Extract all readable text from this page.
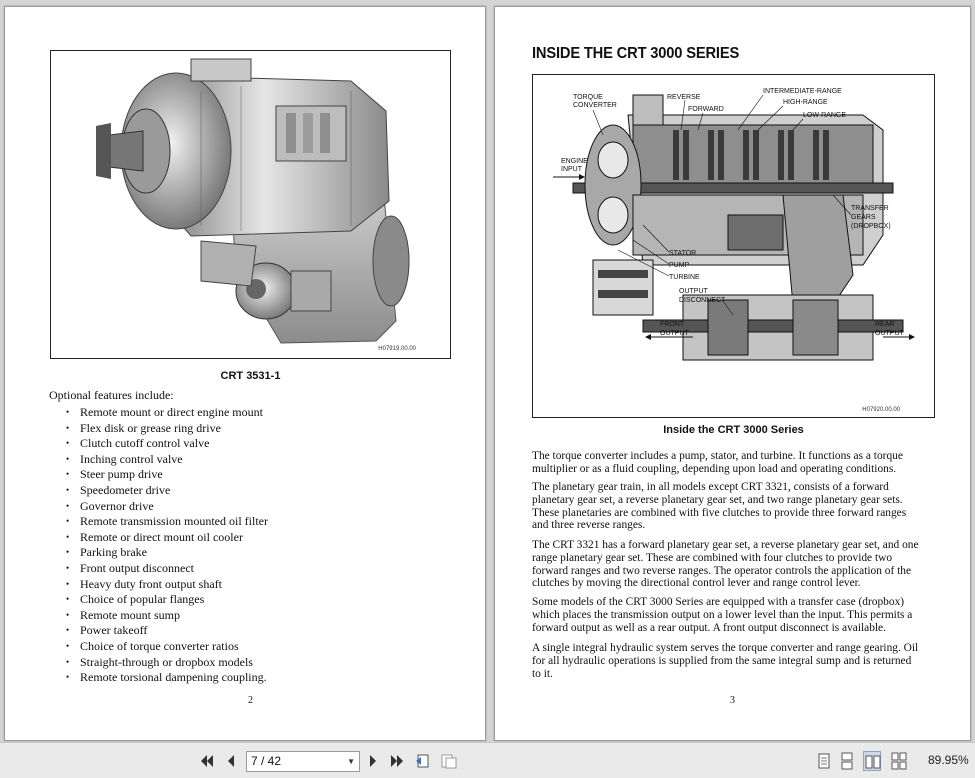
H07919.00.00
CRT 3531-1
Optional features include:
• Remote mount or direct engine mount
• Flex disk or grease ring drive
• Clutch cutoff control valve
• Inching control valve
• Steer pump drive
• Speedometer drive
• Governor drive
• Remote transmission mounted oil filter
• Remote or direct mount oil cooler
• Parking brake
• Front output disconnect
• Heavy duty front output shaft
• Choice of popular flanges
• Remote mount sump
• Power takeoff
• Choice of torque converter ratios
• Straight-through or dropbox models
• Remote torsional dampening coupling.
2
INSIDE THE CRT 3000 SERIES
TORQUE
CONVERTER
REVERSE
FORWARD
INTERMEDIATE-RANGE
HIGH-RANGE
LOW-RANGE
ENGINE
INPUT
TRANSFER
GEARS
(DROPBOX)
STATOR
PUMP
TURBINE
OUTPUT
DISCONNECT
FRONT
OUTPUT
REAR
OUTPUT
H07920.00.00
Inside the CRT 3000 Series
The torque converter includes a pump, stator, and turbine. It functions as a torque
multiplier or as a fluid coupling, depending upon load and operating conditions.
The planetary gear train, in all models except CRT 3321, consists of a forward
planetary gear set, a reverse planetary gear set, and two range planetary gear sets.
These planetaries are combined with five clutches to provide three forward ranges
and three reverse ranges.
The CRT 3321 has a forward planetary gear set, a reverse planetary gear set, and one
range planetary gear set. These are combined with four clutches to provide two
forward ranges and two reverse ranges. The operator controls the application of the
clutches by moving the directional control lever and range control lever.
Some models of the CRT 3000 Series are equipped with a transfer case (dropbox)
which places the transmission output on a lower level than the input. This permits a
forward output as well as a rear output. A front output disconnect is available.
A single integral hydraulic system serves the torque converter and range gearing. Oil
for all hydraulic operations is supplied from the same integral sump and is returned
to it.
3
7 / 42	▼	89.95%
